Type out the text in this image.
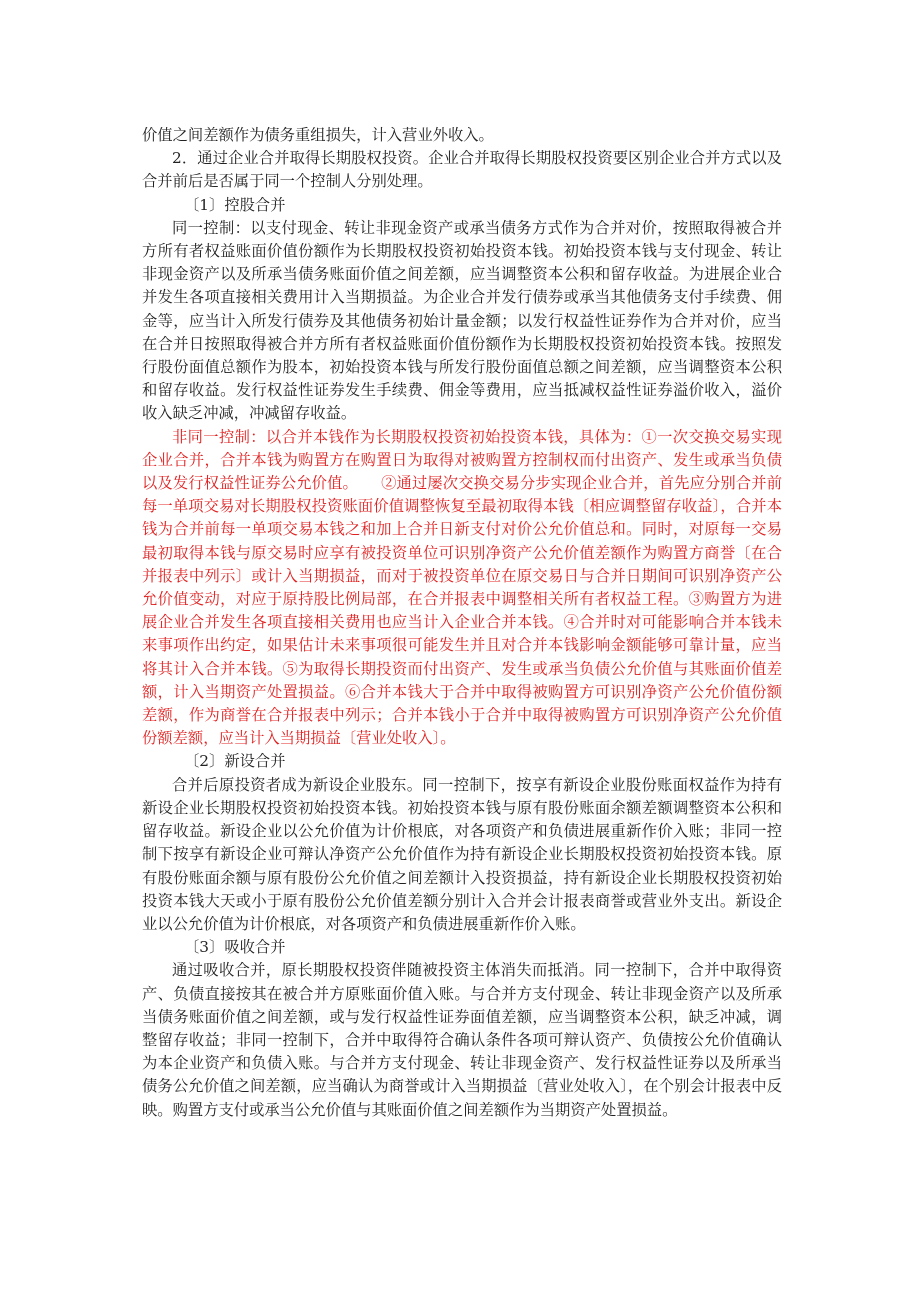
价值之间差额作为债务重组损失，计入营业外收入。

2．通过企业合并取得长期股权投资。企业合并取得长期股权投资要区别企业合并方式以及合并前后是否属于同一个控制人分别处理。

〔1〕控股合并

同一控制：以支付现金、转让非现金资产或承当债务方式作为合并对价，按照取得被合并方所有者权益账面价值份额作为长期股权投资初始投资本钱。初始投资本钱与支付现金、转让非现金资产以及所承当债务账面价值之间差额，应当调整资本公积和留存收益。为进展企业合并发生各项直接相关费用计入当期损益。为企业合并发行债券或承当其他债务支付手续费、佣金等，应当计入所发行债券及其他债务初始计量金额；以发行权益性证券作为合并对价，应当在合并日按照取得被合并方所有者权益账面价值份额作为长期股权投资初始投资本钱。按照发行股份面值总额作为股本，初始投资本钱与所发行股份面值总额之间差额，应当调整资本公积和留存收益。发行权益性证券发生手续费、佣金等费用，应当抵减权益性证券溢价收入，溢价收入缺乏冲减，冲减留存收益。

非同一控制：以合并本钱作为长期股权投资初始投资本钱，具体为：①一次交换交易实现企业合并，合并本钱为购置方在购置日为取得对被购置方控制权而付出资产、发生或承当负债以及发行权益性证券公允价值。　　②通过屡次交换交易分步实现企业合并，首先应分别合并前每一单项交易对长期股权投资账面价值调整恢复至最初取得本钱〔相应调整留存收益〕，合并本钱为合并前每一单项交易本钱之和加上合并日新支付对价公允价值总和。同时，对原每一交易最初取得本钱与原交易时应享有被投资单位可识别净资产公允价值差额作为购置方商誉〔在合并报表中列示〕或计入当期损益，而对于被投资单位在原交易日与合并日期间可识别净资产公允价值变动，对应于原持股比例局部，在合并报表中调整相关所有者权益工程。③购置方为进展企业合并发生各项直接相关费用也应当计入企业合并本钱。④合并时对可能影响合并本钱未来事项作出约定，如果估计未来事项很可能发生并且对合并本钱影响金额能够可靠计量，应当将其计入合并本钱。⑤为取得长期投资而付出资产、发生或承当负债公允价值与其账面价值差额，计入当期资产处置损益。⑥合并本钱大于合并中取得被购置方可识别净资产公允价值份额差额，作为商誉在合并报表中列示；合并本钱小于合并中取得被购置方可识别净资产公允价值份额差额，应当计入当期损益〔营业处收入〕。

〔2〕新设合并

合并后原投资者成为新设企业股东。同一控制下，按享有新设企业股份账面权益作为持有新设企业长期股权投资初始投资本钱。初始投资本钱与原有股份账面余额差额调整资本公积和留存收益。新设企业以公允价值为计价根底，对各项资产和负债进展重新作价入账；非同一控制下按享有新设企业可辩认净资产公允价值作为持有新设企业长期股权投资初始投资本钱。原有股份账面余额与原有股份公允价值之间差额计入投资损益，持有新设企业长期股权投资初始投资本钱大天或小于原有股份公允价值差额分别计入合并会计报表商誉或营业外支出。新设企业以公允价值为计价根底，对各项资产和负债进展重新作价入账。

〔3〕吸收合并

通过吸收合并，原长期股权投资伴随被投资主体消失而抵消。同一控制下，合并中取得资产、负债直接按其在被合并方原账面价值入账。与合并方支付现金、转让非现金资产以及所承当债务账面价值之间差额，或与发行权益性证券面值差额，应当调整资本公积，缺乏冲减，调整留存收益；非同一控制下，合并中取得符合确认条件各项可辩认资产、负债按公允价值确认为本企业资产和负债入账。与合并方支付现金、转让非现金资产、发行权益性证券以及所承当债务公允价值之间差额，应当确认为商誉或计入当期损益〔营业处收入〕，在个别会计报表中反映。购置方支付或承当公允价值与其账面价值之间差额作为当期资产处置损益。
